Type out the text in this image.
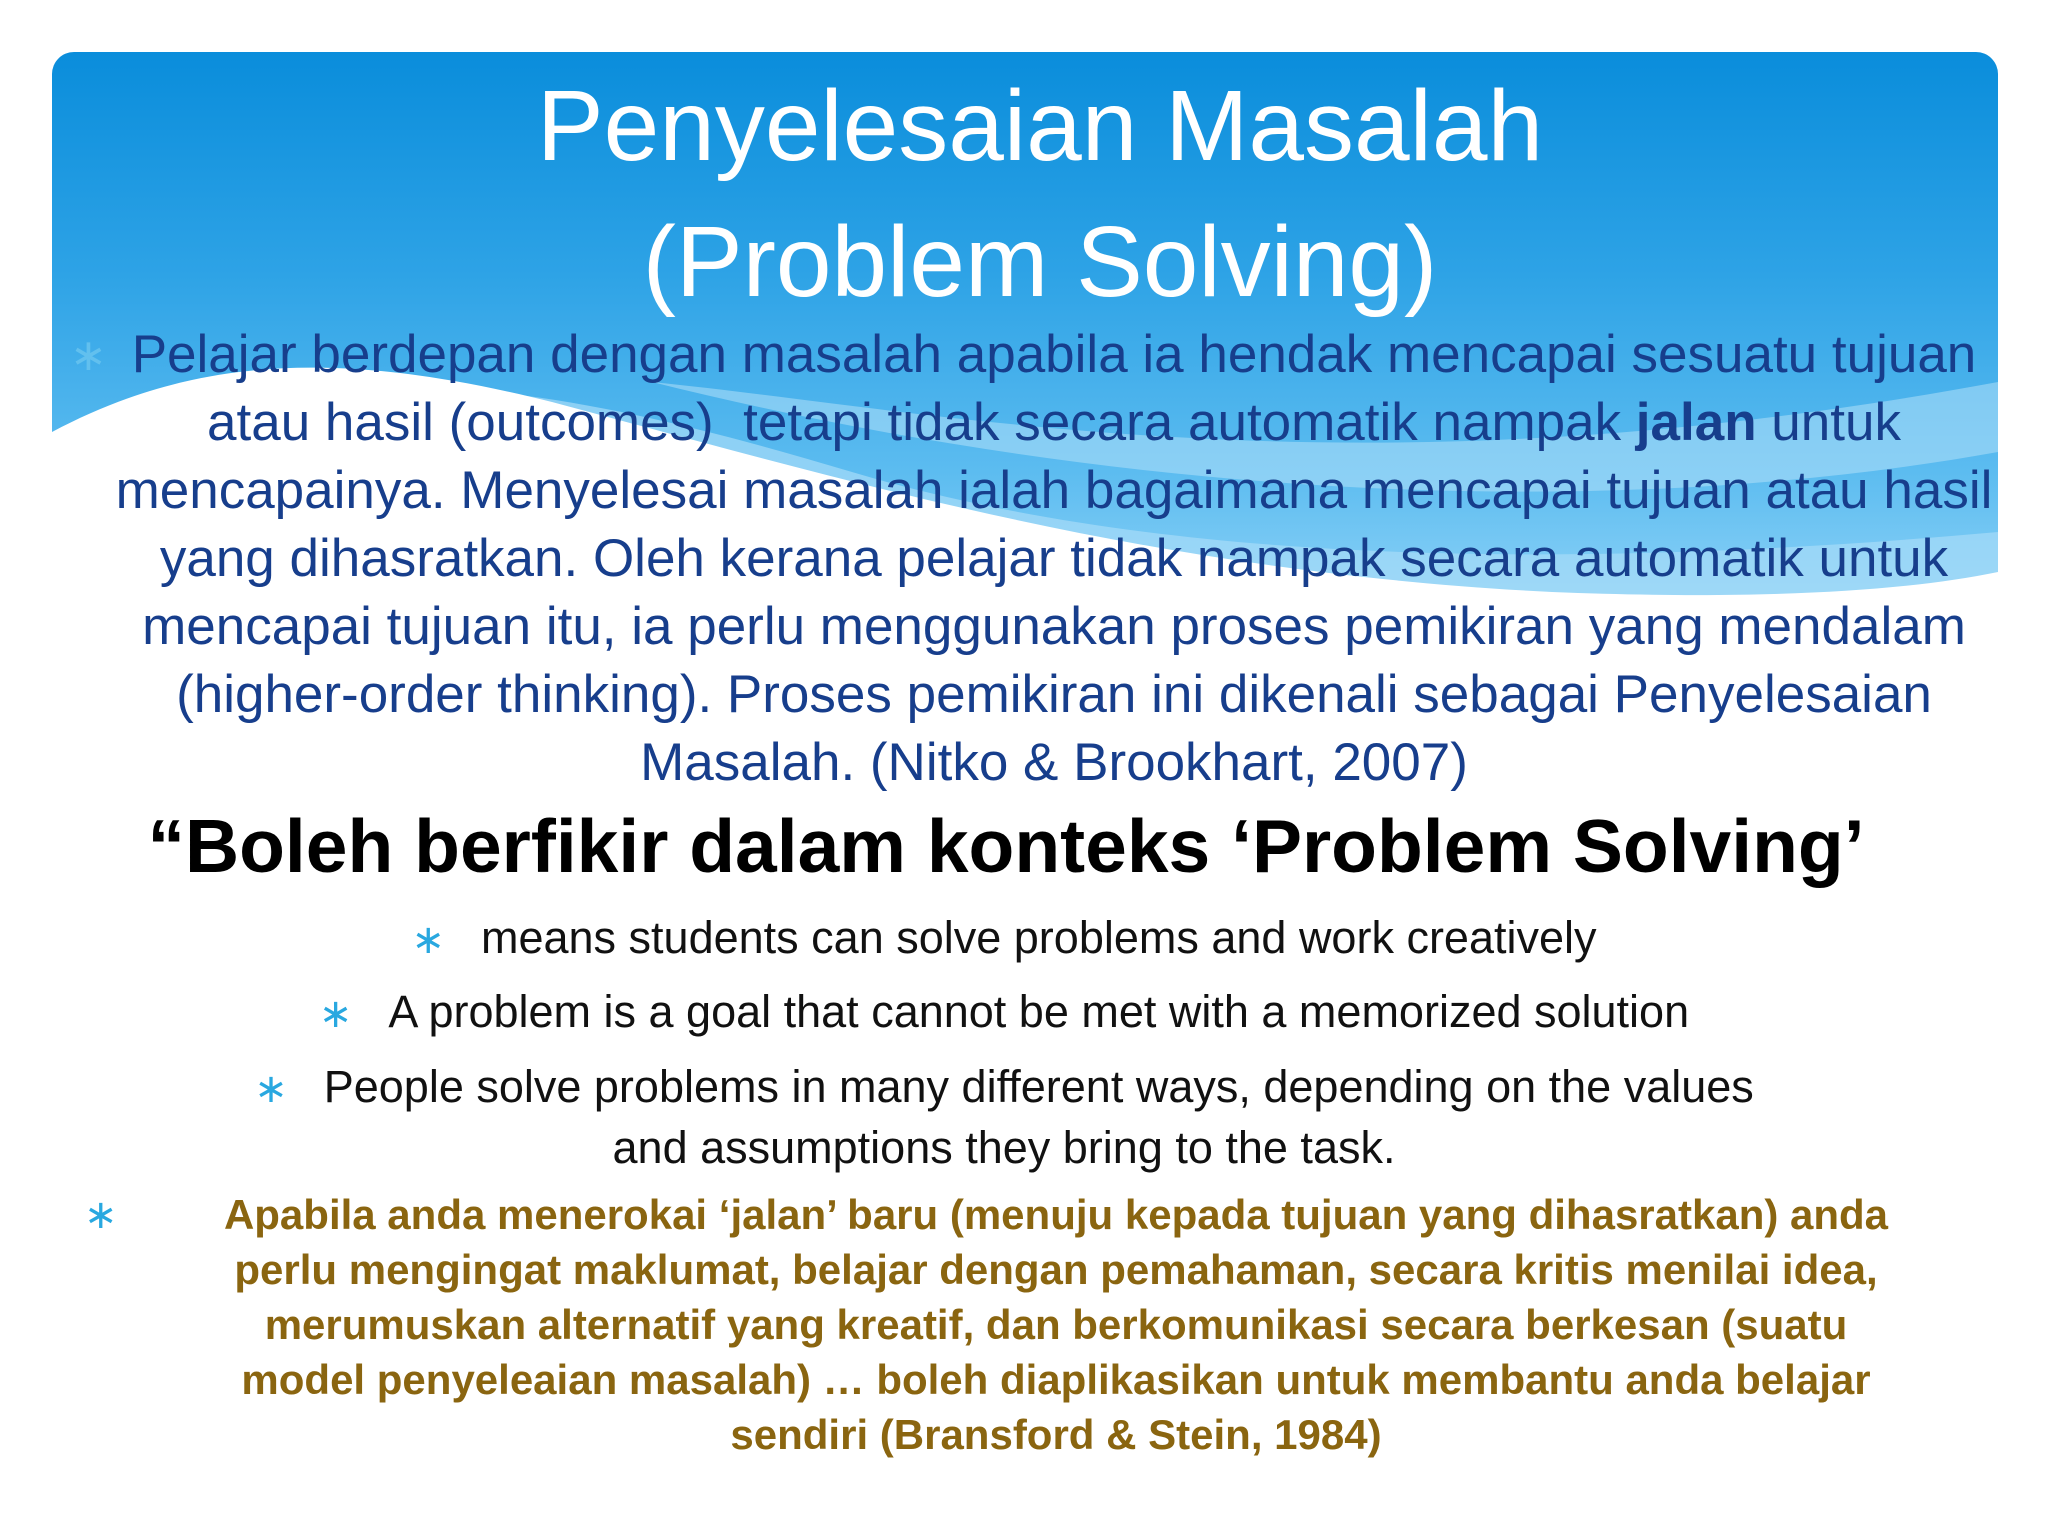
Penyelesaian Masalah
(Problem Solving)
∗ Pelajar berdepan dengan masalah apabila ia hendak mencapai sesuatu tujuan
atau hasil (outcomes)  tetapi tidak secara automatik nampak jalan untuk
mencapainya. Menyelesai masalah ialah bagaimana mencapai tujuan atau hasil
yang dihasratkan. Oleh kerana pelajar tidak nampak secara automatik untuk
mencapai tujuan itu, ia perlu menggunakan proses pemikiran yang mendalam
(higher-order thinking). Proses pemikiran ini dikenali sebagai Penyelesaian
Masalah. (Nitko & Brookhart, 2007)
“Boleh berfikir dalam konteks ‘Problem Solving’
∗ means students can solve problems and work creatively
∗ A problem is a goal that cannot be met with a memorized solution
∗ People solve problems in many different ways, depending on the values
and assumptions they bring to the task.
∗	Apabila anda menerokai ‘jalan’ baru (menuju kepada tujuan yang dihasratkan) anda
perlu mengingat maklumat, belajar dengan pemahaman, secara kritis menilai idea,
merumuskan alternatif yang kreatif, dan berkomunikasi secara berkesan (suatu
model penyeleaian masalah) … boleh diaplikasikan untuk membantu anda belajar
sendiri (Bransford & Stein, 1984)
